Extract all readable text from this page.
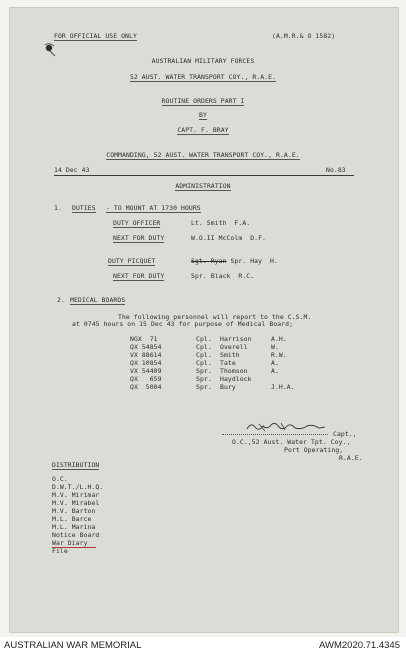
FOR OFFICIAL USE ONLY	(A.M.R.& O 1582)
AUSTRALIAN MILITARY FORCES
52 AUST. WATER TRANSPORT COY., R.A.E.
ROUTINE ORDERS PART I
BY
CAPT. F. BRAY
COMMANDING, 52 AUST. WATER TRANSPORT COY., R.A.E.
14 Dec 43	No.83
ADMINISTRATION
1. DUTIES - TO MOUNT AT 1730 HOURS
DUTY OFFICER	Lt. Smith  F.A.
NEXT FOR DUTY	W.O.II McColm  D.F.
DUTY PICQUET	Sgt. Ryan Spr. Hay  H.
NEXT FOR DUTY	Spr. Black  R.C.
2. MEDICAL BOARDS
The following personnel will report to the C.S.M.
at 0745 hours on 15 Dec 43 for purpose of Medical Board;
NGX  71	Cpl. Harrison	A.H.
QX 54854	Cpl. Overell	W.
VX 88614	Cpl. Smith	R.W.
QX 10854	Cpl. Tate	A.
VX 54409	Spr. Thomson	A.
QX   659	Spr. Haydlock
QX  5004	Spr. Bury	J.H.A.
Capt.,
O.C.,52 Aust. Water Tpt. Coy.,
Port Operating,
R.A.E.
DISTRIBUTION
O.C.
D.W.T./L.H.Q.
M.V. Mirimar
M.V. Mirabel
M.V. Barton
M.L. Barce
M.L. Marina
Notice Board
War Diary
File
AUSTRALIAN WAR MEMORIAL	AWM2020.71.4345
